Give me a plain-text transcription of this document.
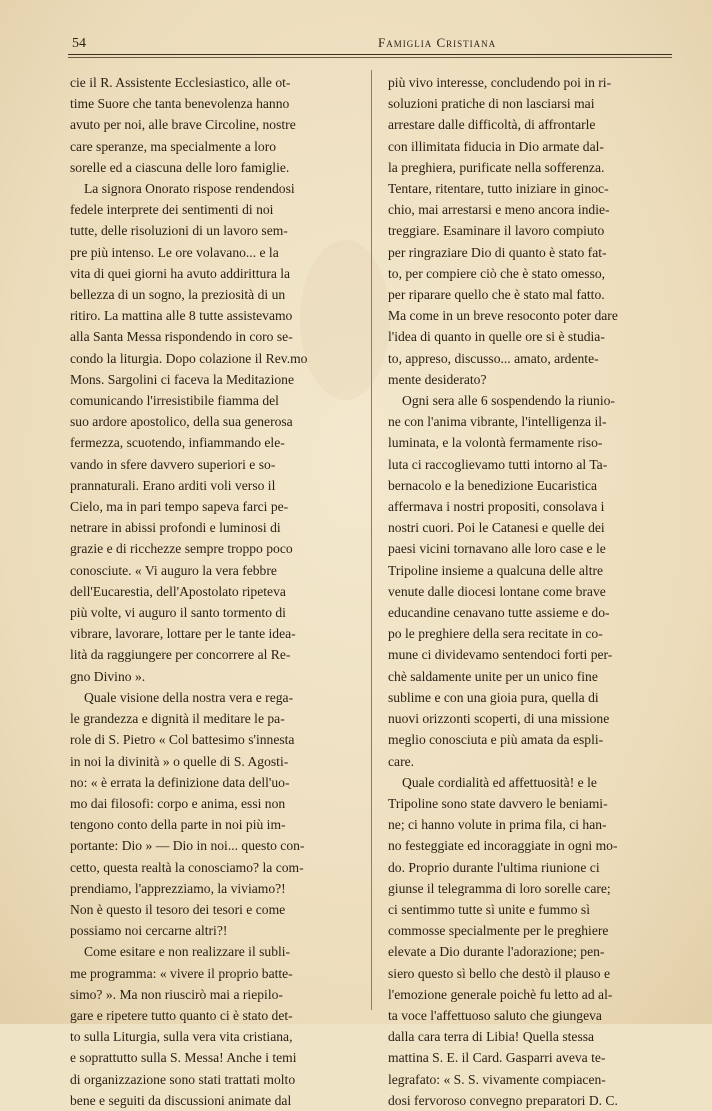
54	Famiglia Cristiana
cie il R. Assistente Ecclesiastico, alle ot-
time Suore che tanta benevolenza hanno
avuto per noi, alle brave Circoline, nostre
care speranze, ma specialmente a loro
sorelle ed a ciascuna delle loro famiglie.
La signora Onorato rispose rendendosi
fedele interprete dei sentimenti di noi
tutte, delle risoluzioni di un lavoro sem-
pre più intenso. Le ore volavano... e la
vita di quei giorni ha avuto addirittura la
bellezza di un sogno, la preziosità di un
ritiro. La mattina alle 8 tutte assistevamo
alla Santa Messa rispondendo in coro se-
condo la liturgia. Dopo colazione il Rev.mo
Mons. Sargolini ci faceva la Meditazione
comunicando l'irresistibile fiamma del
suo ardore apostolico, della sua generosa
fermezza, scuotendo, infiammando ele-
vando in sfere davvero superiori e so-
prannaturali. Erano arditi voli verso il
Cielo, ma in pari tempo sapeva farci pe-
netrare in abissi profondi e luminosi di
grazie e di ricchezze sempre troppo poco
conosciute. « Vi auguro la vera febbre
dell'Eucarestia, dell'Apostolato ripeteva
più volte, vi auguro il santo tormento di
vibrare, lavorare, lottare per le tante idea-
lità da raggiungere per concorrere al Re-
gno Divino ».
Quale visione della nostra vera e rega-
le grandezza e dignità il meditare le pa-
role di S. Pietro « Col battesimo s'innesta
in noi la divinità » o quelle di S. Agosti-
no: « è errata la definizione data dell'uo-
mo dai filosofi: corpo e anima, essi non
tengono conto della parte in noi più im-
portante: Dio » — Dio in noi... questo con-
cetto, questa realtà la conosciamo? la com-
prendiamo, l'apprezziamo, la viviamo?!
Non è questo il tesoro dei tesori e come
possiamo noi cercarne altri?!
Come esitare e non realizzare il subli-
me programma: « vivere il proprio batte-
simo? ». Ma non riuscirò mai a riepilo-
gare e ripetere tutto quanto ci è stato det-
to sulla Liturgia, sulla vera vita cristiana,
e soprattutto sulla S. Messa! Anche i temi
di organizzazione sono stati trattati molto
bene e seguiti da discussioni animate dal
più vivo interesse, concludendo poi in ri-
soluzioni pratiche di non lasciarsi mai
arrestare dalle difficoltà, di affrontarle
con illimitata fiducia in Dio armate dal-
la preghiera, purificate nella sofferenza.
Tentare, ritentare, tutto iniziare in ginoc-
chio, mai arrestarsi e meno ancora indie-
treggiare. Esaminare il lavoro compiuto
per ringraziare Dio di quanto è stato fat-
to, per compiere ciò che è stato omesso,
per riparare quello che è stato mal fatto.
Ma come in un breve resoconto poter dare
l'idea di quanto in quelle ore si è studia-
to, appreso, discusso... amato, ardente-
mente desiderato?
Ogni sera alle 6 sospendendo la riunio-
ne con l'anima vibrante, l'intelligenza il-
luminata, e la volontà fermamente riso-
luta ci raccoglievamo tutti intorno al Ta-
bernacolo e la benedizione Eucaristica
affermava i nostri propositi, consolava i
nostri cuori. Poi le Catanesi e quelle dei
paesi vicini tornavano alle loro case e le
Tripoline insieme a qualcuna delle altre
venute dalle diocesi lontane come brave
educandine cenavano tutte assieme e do-
po le preghiere della sera recitate in co-
mune ci dividevamo sentendoci forti per-
chè saldamente unite per un unico fine
sublime e con una gioia pura, quella di
nuovi orizzonti scoperti, di una missione
meglio conosciuta e più amata da espli-
care.
Quale cordialità ed affettuosità! e le
Tripoline sono state davvero le beniami-
ne; ci hanno volute in prima fila, ci han-
no festeggiate ed incoraggiate in ogni mo-
do. Proprio durante l'ultima riunione ci
giunse il telegramma di loro sorelle care;
ci sentimmo tutte sì unite e fummo sì
commosse specialmente per le preghiere
elevate a Dio durante l'adorazione; pen-
siero questo sì bello che destò il plauso e
l'emozione generale poichè fu letto ad al-
ta voce l'affettuoso saluto che giungeva
dalla cara terra di Libia! Quella stessa
mattina S. E. il Card. Gasparri aveva te-
legrafato: « S. S. vivamente compiacen-
dosi fervoroso convegno preparatori D. C.
